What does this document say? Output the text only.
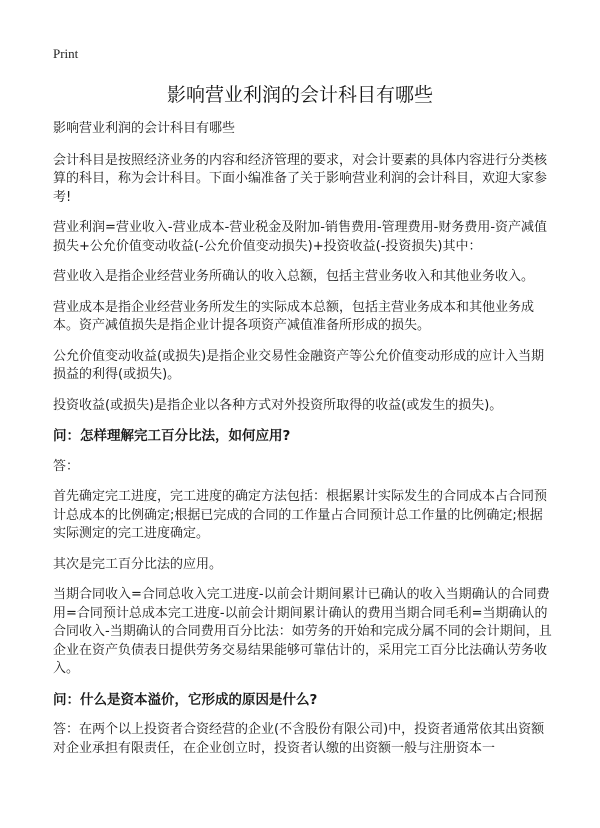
Print
影响营业利润的会计科目有哪些

影响营业利润的会计科目有哪些

会计科目是按照经济业务的内容和经济管理的要求，对会计要素的具体内容进行分类核算的科目，称为会计科目。下面小编准备了关于影响营业利润的会计科目，欢迎大家参考!

营业利润=营业收入-营业成本-营业税金及附加-销售费用-管理费用-财务费用-资产减值损失+公允价值变动收益(-公允价值变动损失)+投资收益(-投资损失)其中：

营业收入是指企业经营业务所确认的收入总额，包括主营业务收入和其他业务收入。

营业成本是指企业经营业务所发生的实际成本总额，包括主营业务成本和其他业务成本。资产减值损失是指企业计提各项资产减值准备所形成的损失。

公允价值变动收益(或损失)是指企业交易性金融资产等公允价值变动形成的应计入当期损益的利得(或损失)。

投资收益(或损失)是指企业以各种方式对外投资所取得的收益(或发生的损失)。

问：怎样理解完工百分比法，如何应用?

答：

首先确定完工进度，完工进度的确定方法包括：根据累计实际发生的合同成本占合同预计总成本的比例确定;根据已完成的合同的工作量占合同预计总工作量的比例确定;根据实际测定的完工进度确定。

其次是完工百分比法的应用。

当期合同收入=合同总收入完工进度-以前会计期间累计已确认的收入当期确认的合同费用=合同预计总成本完工进度-以前会计期间累计确认的费用当期合同毛利=当期确认的合同收入-当期确认的合同费用百分比法：如劳务的开始和完成分属不同的会计期间，且企业在资产负债表日提供劳务交易结果能够可靠估计的，采用完工百分比法确认劳务收入。

问：什么是资本溢价，它形成的原因是什么?

答：在两个以上投资者合资经营的企业(不含股份有限公司)中，投资者通常依其出资额对企业承担有限责任，在企业创立时，投资者认缴的出资额一般与注册资本一
